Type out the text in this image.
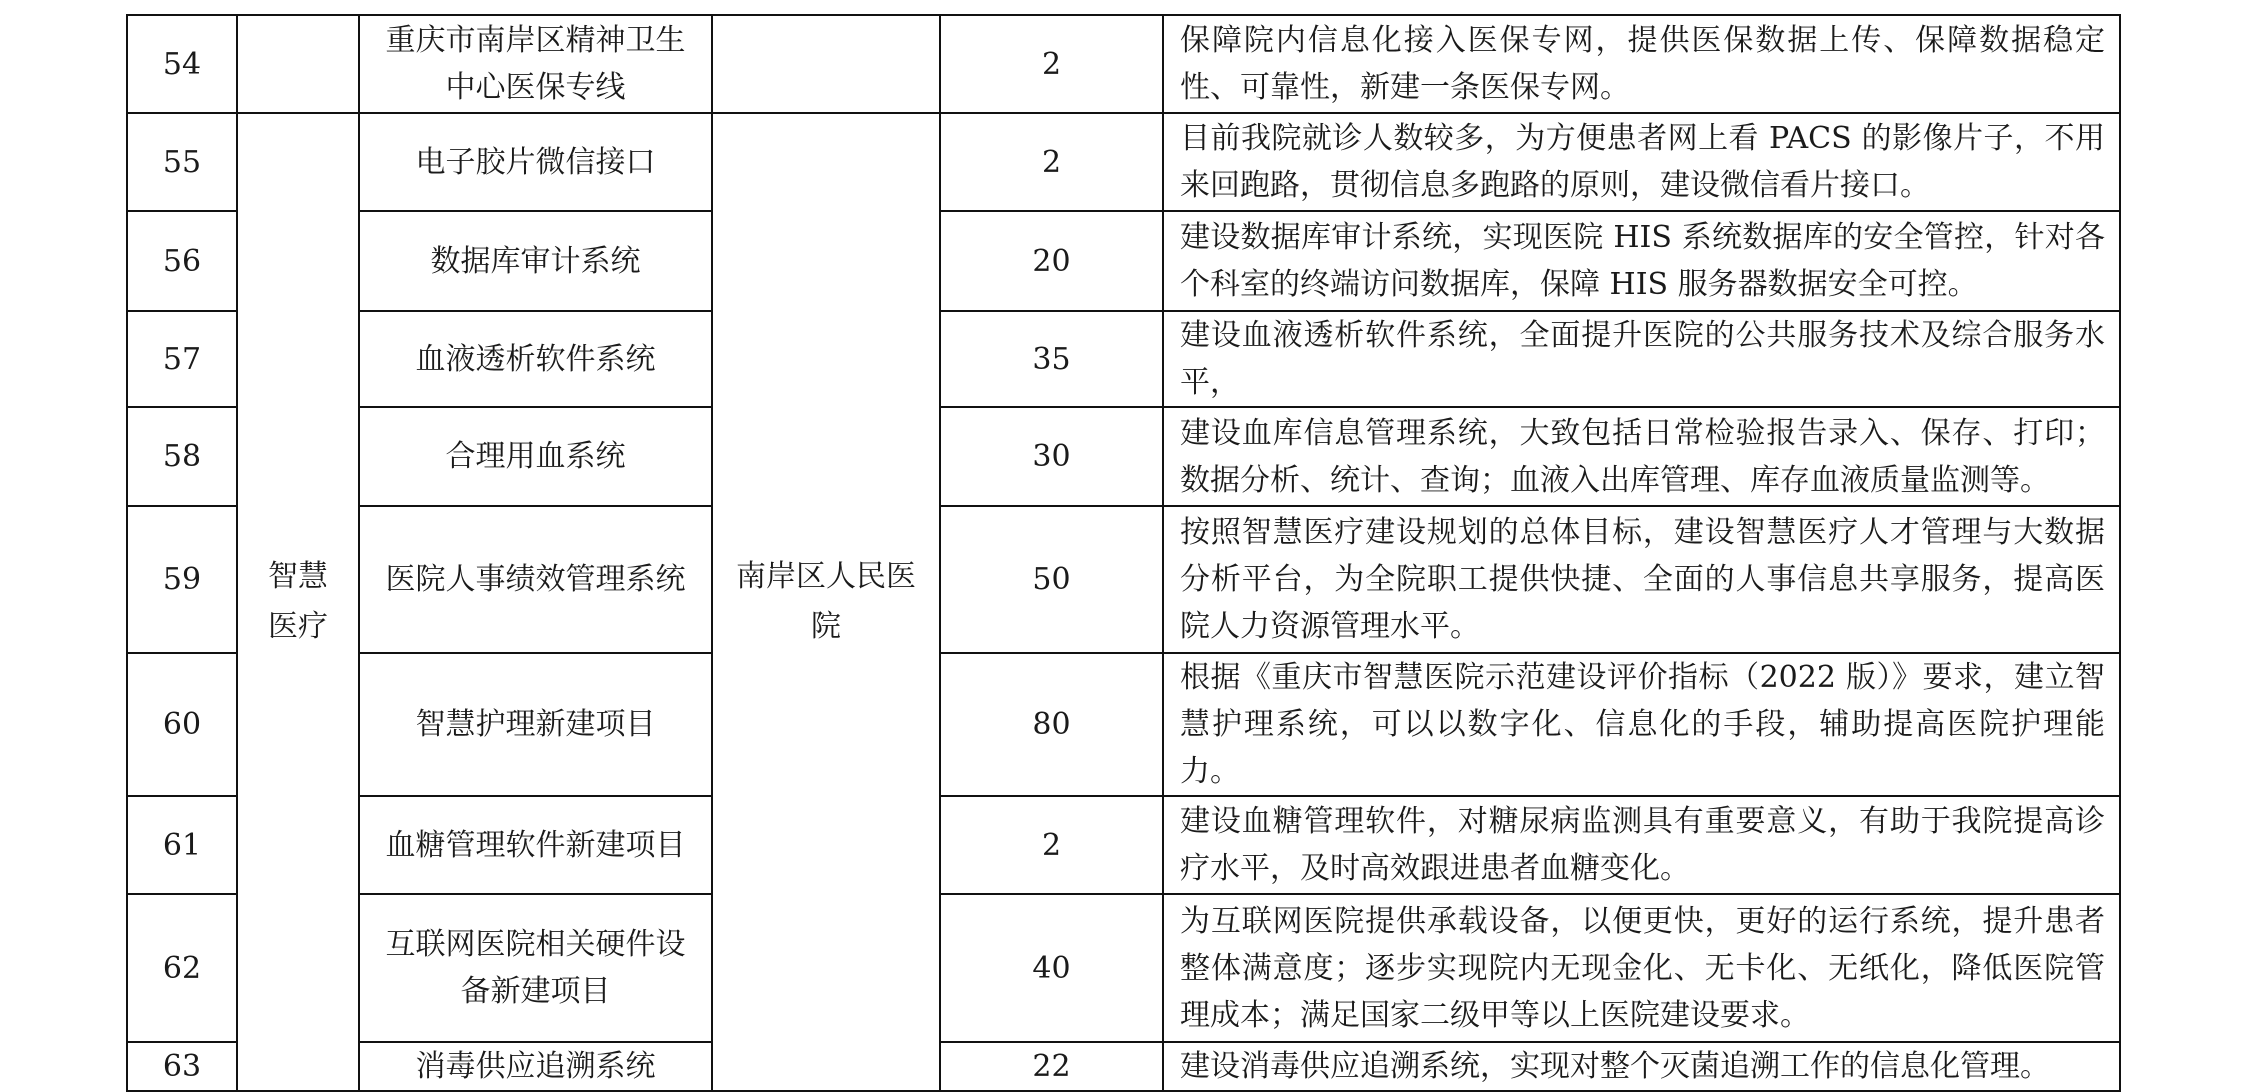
54		重庆市南岸区精神卫生中心医保专线		2	保障院内信息化接入医保专网，提供医保数据上传、保障数据稳定性、可靠性，新建一条医保专网。
55	智慧医疗	电子胶片微信接口	南岸区人民医院	2	目前我院就诊人数较多，为方便患者网上看 PACS 的影像片子，不用来回跑路，贯彻信息多跑路的原则，建设微信看片接口。
56		数据库审计系统		20	建设数据库审计系统，实现医院 HIS 系统数据库的安全管控，针对各个科室的终端访问数据库，保障 HIS 服务器数据安全可控。
57		血液透析软件系统		35	建设血液透析软件系统，全面提升医院的公共服务技术及综合服务水平，
58		合理用血系统		30	建设血库信息管理系统，大致包括日常检验报告录入、保存、打印；数据分析、统计、查询；血液入出库管理、库存血液质量监测等。
59		医院人事绩效管理系统		50	按照智慧医疗建设规划的总体目标，建设智慧医疗人才管理与大数据分析平台，为全院职工提供快捷、全面的人事信息共享服务，提高医院人力资源管理水平。
60		智慧护理新建项目		80	根据《重庆市智慧医院示范建设评价指标（2022 版）》要求，建立智慧护理系统，可以以数字化、信息化的手段，辅助提高医院护理能力。
61		血糖管理软件新建项目		2	建设血糖管理软件，对糖尿病监测具有重要意义，有助于我院提高诊疗水平，及时高效跟进患者血糖变化。
62		互联网医院相关硬件设备新建项目		40	为互联网医院提供承载设备，以便更快，更好的运行系统，提升患者整体满意度；逐步实现院内无现金化、无卡化、无纸化，降低医院管理成本；满足国家二级甲等以上医院建设要求。
63		消毒供应追溯系统		22	建设消毒供应追溯系统，实现对整个灭菌追溯工作的信息化管理。
